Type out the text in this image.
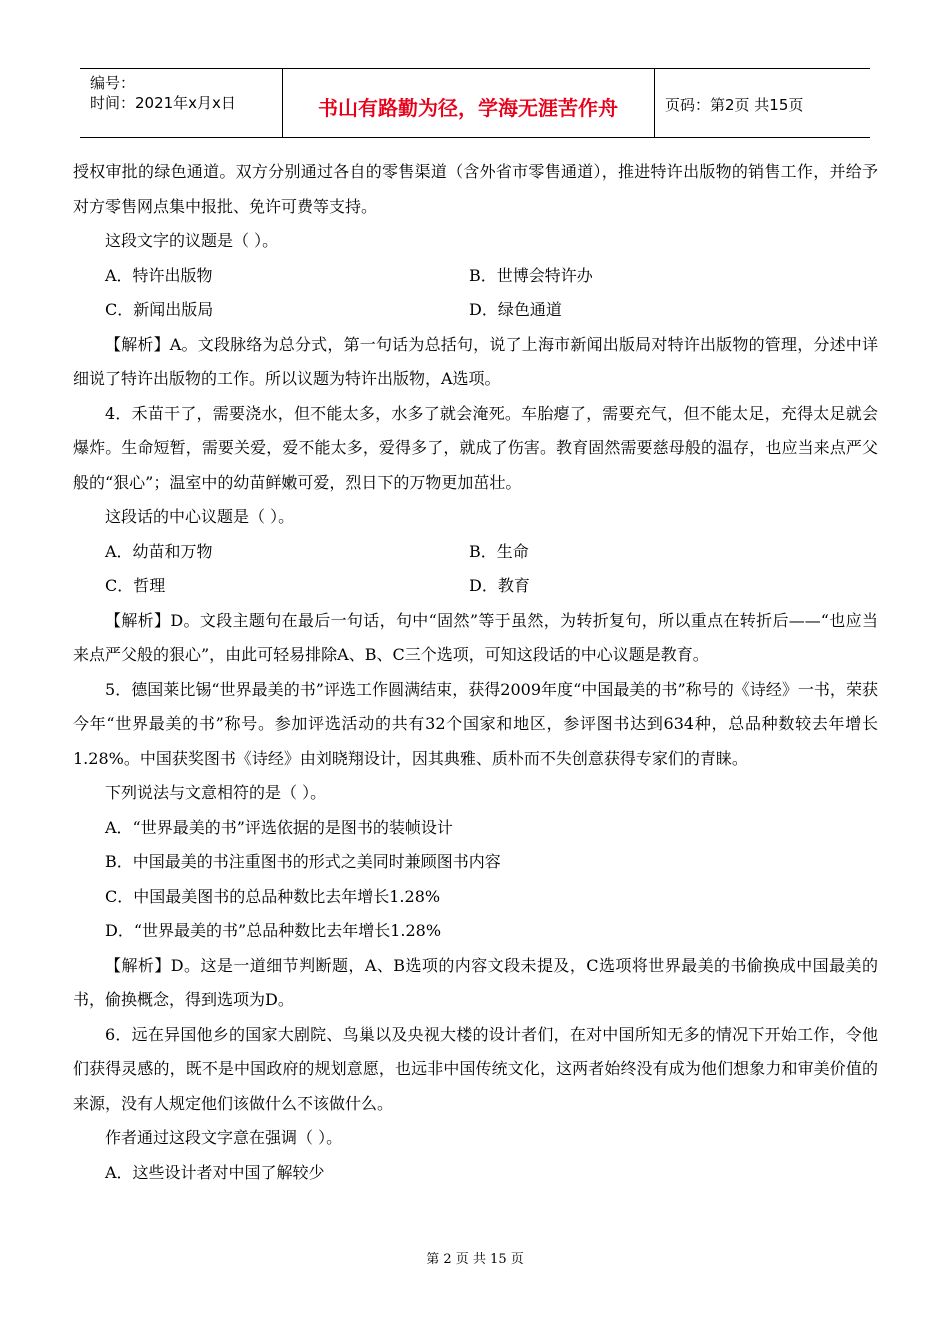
编号：
时间：2021年x月x日	书山有路勤为径，学海无涯苦作舟	页码：第2页 共15页

授权审批的绿色通道。双方分别通过各自的零售渠道（含外省市零售通道），推进特许出版物的销售工作，并给予对方零售网点集中报批、免许可费等支持。

这段文字的议题是（ ）。

A．特许出版物	B．世博会特许办
C．新闻出版局	D．绿色通道

【解析】A。文段脉络为总分式，第一句话为总括句，说了上海市新闻出版局对特许出版物的管理，分述中详细说了特许出版物的工作。所以议题为特许出版物，A选项。

4．禾苗干了，需要浇水，但不能太多，水多了就会淹死。车胎瘪了，需要充气，但不能太足，充得太足就会爆炸。生命短暂，需要关爱，爱不能太多，爱得多了，就成了伤害。教育固然需要慈母般的温存，也应当来点严父般的“狠心”；温室中的幼苗鲜嫩可爱，烈日下的万物更加茁壮。

这段话的中心议题是（ ）。

A．幼苗和万物	B．生命
C．哲理	D．教育

【解析】D。文段主题句在最后一句话，句中“固然”等于虽然，为转折复句，所以重点在转折后——“也应当来点严父般的狠心”，由此可轻易排除A、B、C三个选项，可知这段话的中心议题是教育。

5．德国莱比锡“世界最美的书”评选工作圆满结束，获得2009年度“中国最美的书”称号的《诗经》一书，荣获今年“世界最美的书”称号。参加评选活动的共有32个国家和地区，参评图书达到634种，总品种数较去年增长1.28%。中国获奖图书《诗经》由刘晓翔设计，因其典雅、质朴而不失创意获得专家们的青睐。

下列说法与文意相符的是（ ）。

A．“世界最美的书”评选依据的是图书的装帧设计

B．中国最美的书注重图书的形式之美同时兼顾图书内容

C．中国最美图书的总品种数比去年增长1.28%

D．“世界最美的书”总品种数比去年增长1.28%

【解析】D。这是一道细节判断题，A、B选项的内容文段未提及，C选项将世界最美的书偷换成中国最美的书，偷换概念，得到选项为D。

6．远在异国他乡的国家大剧院、鸟巢以及央视大楼的设计者们，在对中国所知无多的情况下开始工作，令他们获得灵感的，既不是中国政府的规划意愿，也远非中国传统文化，这两者始终没有成为他们想象力和审美价值的来源，没有人规定他们该做什么不该做什么。

作者通过这段文字意在强调（ ）。

A．这些设计者对中国了解较少

第 2 页 共 15 页
